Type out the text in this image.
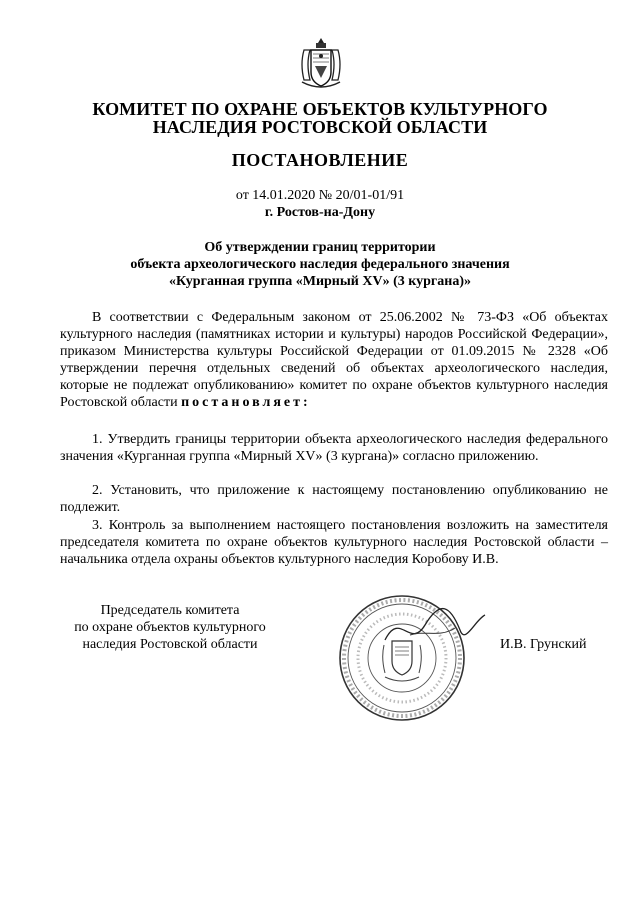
КОМИТЕТ ПО ОХРАНЕ ОБЪЕКТОВ КУЛЬТУРНОГО
НАСЛЕДИЯ РОСТОВСКОЙ ОБЛАСТИ
ПОСТАНОВЛЕНИЕ
от 14.01.2020 № 20/01-01/91
г. Ростов-на-Дону
Об утверждении границ территории
объекта археологического наследия федерального значения
«Курганная группа «Мирный XV» (3 кургана)»
В соответствии с Федеральным законом от 25.06.2002 № 73-ФЗ «Об объектах культурного наследия (памятниках истории и культуры) народов Российской Федерации», приказом Министерства культуры Российской Федерации от 01.09.2015 № 2328 «Об утверждении перечня отдельных сведений об объектах археологического наследия, которые не подлежат опубликованию» комитет по охране объектов культурного наследия Ростовской области постановляет:
1. Утвердить границы территории объекта археологического наследия федерального значения «Курганная группа «Мирный XV» (3 кургана)» согласно приложению.
2. Установить, что приложение к настоящему постановлению опубликованию не подлежит.
3. Контроль за выполнением настоящего постановления возложить на заместителя председателя комитета по охране объектов культурного наследия Ростовской области – начальника отдела охраны объектов культурного наследия Коробову И.В.
Председатель комитета
по охране объектов культурного
наследия Ростовской области	И.В. Грунский
